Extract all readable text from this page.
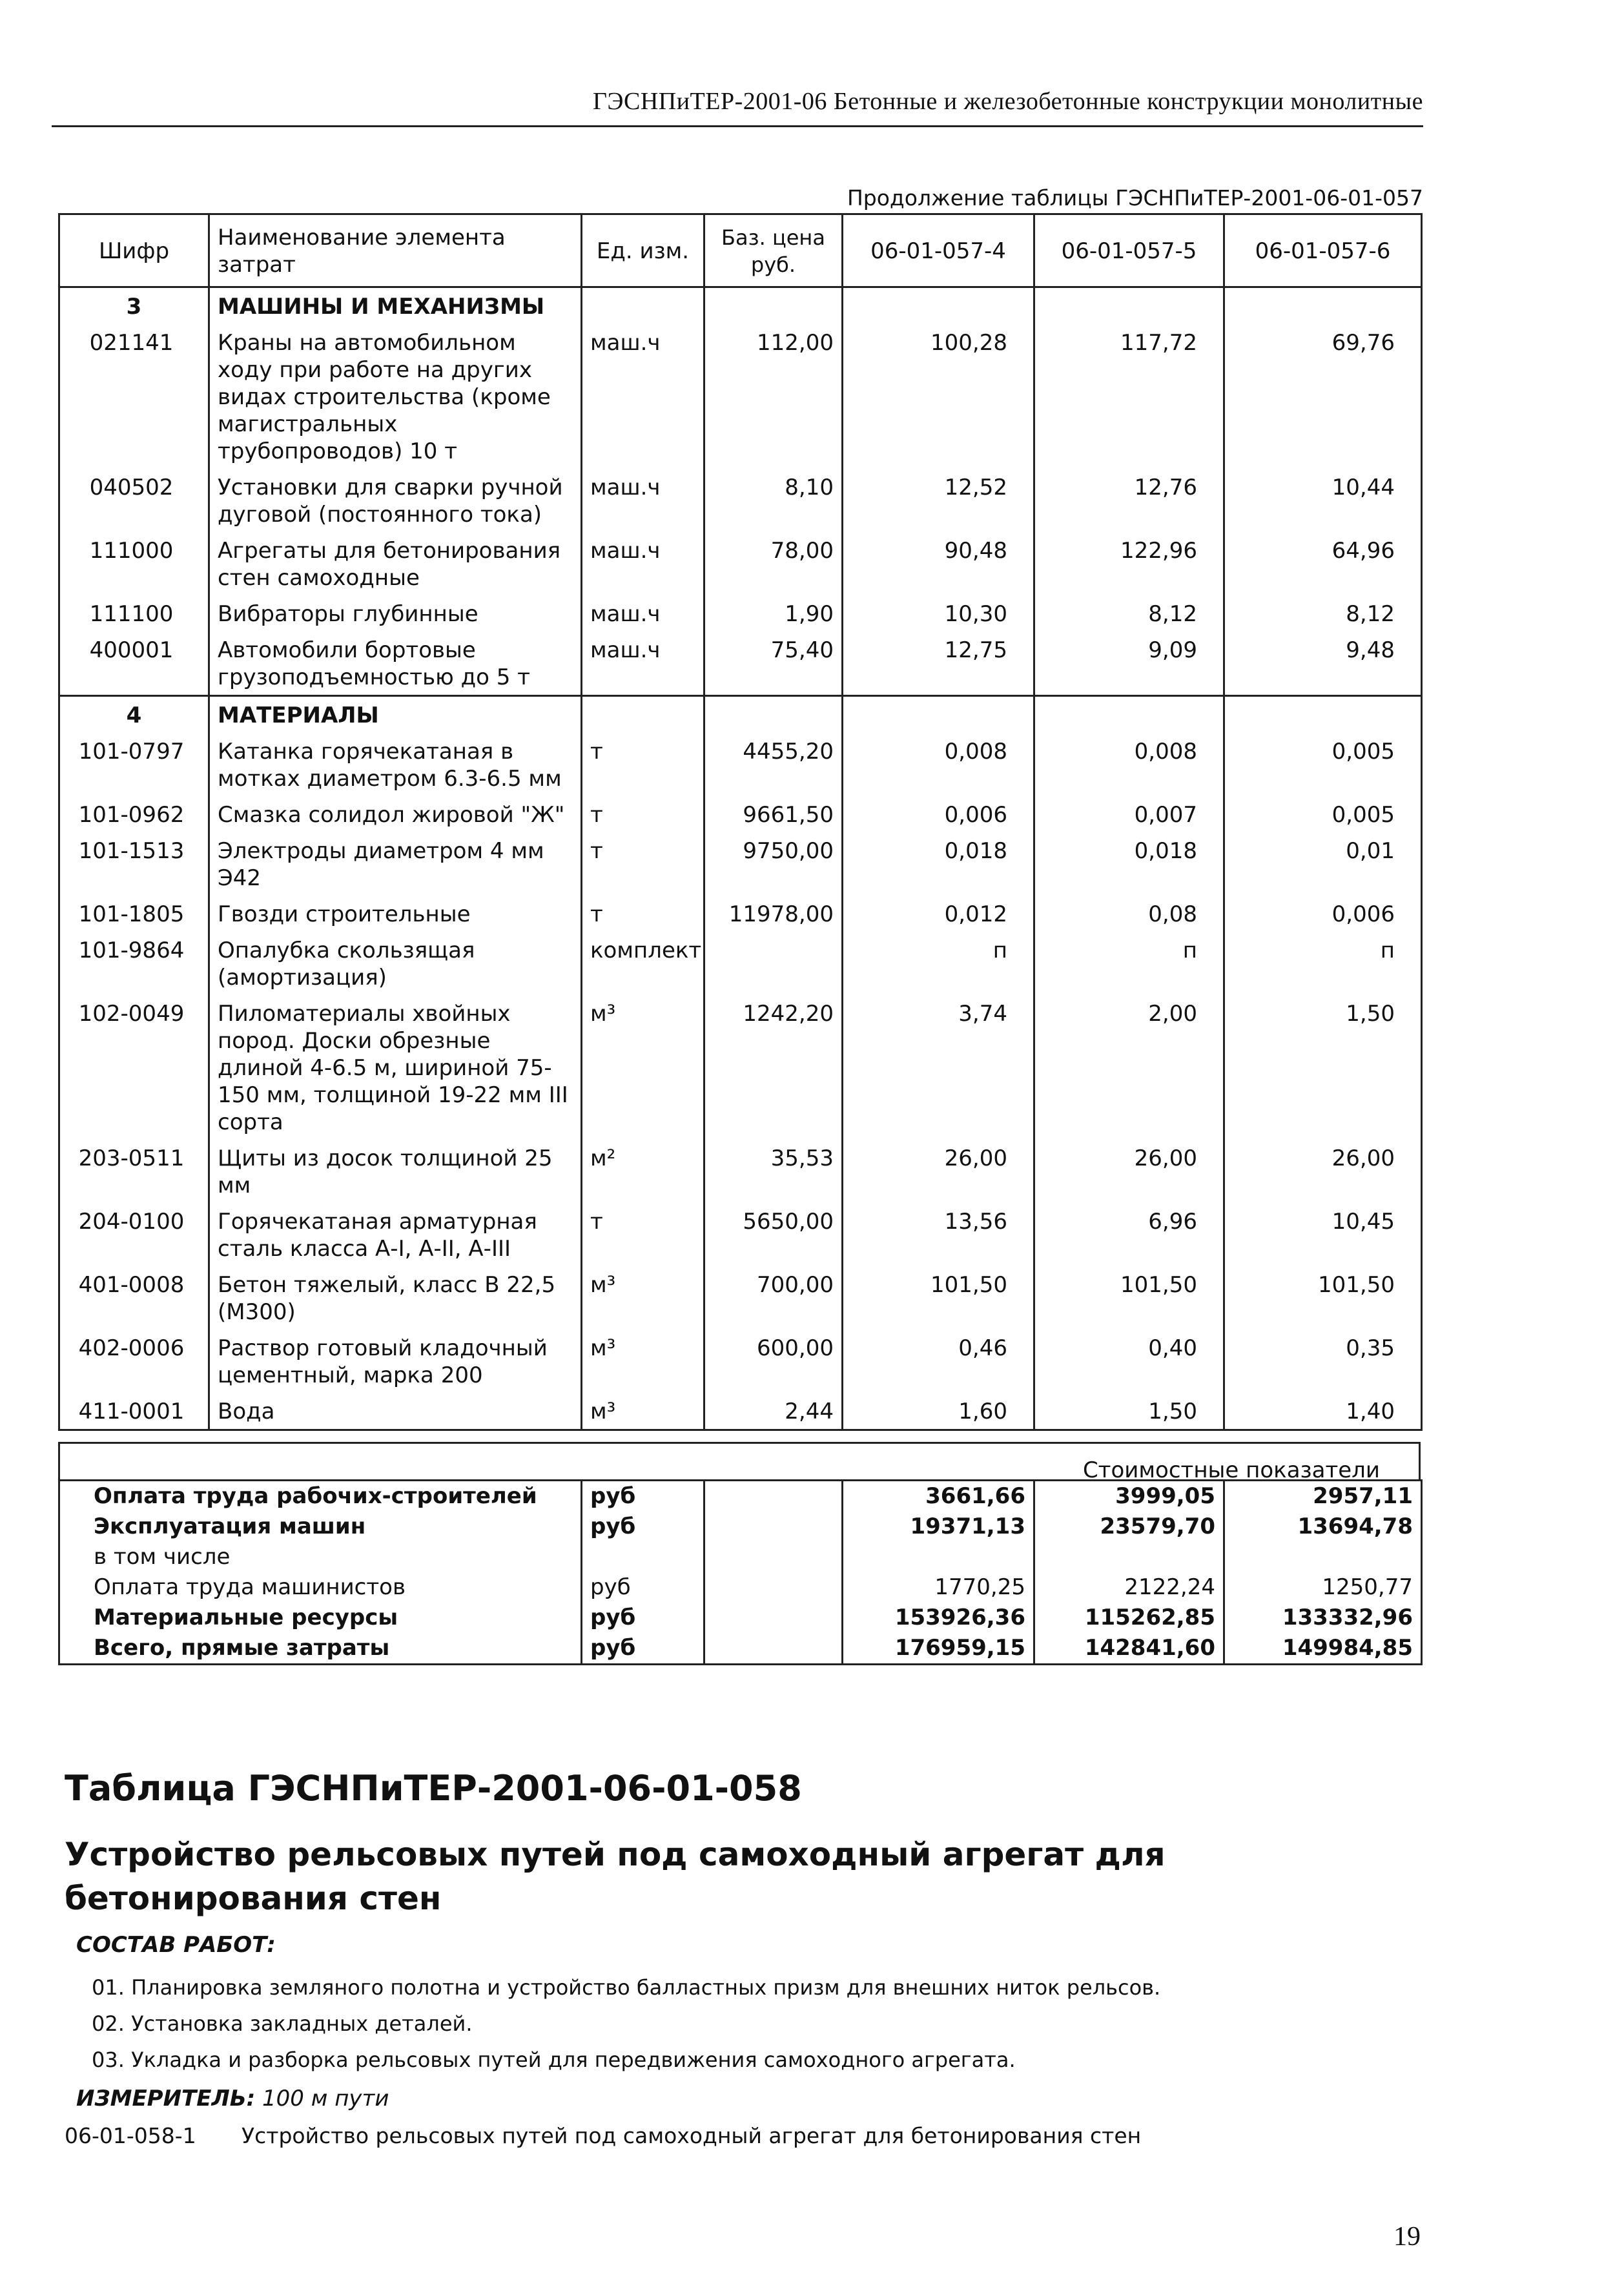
ГЭСНПиТЕР-2001-06 Бетонные и железобетонные конструкции монолитные
Продолжение таблицы ГЭСНПиТЕР-2001-06-01-057
Шифр	Наименование элемента затрат	Ед. изм.	Баз. цена руб.	06-01-057-4	06-01-057-5	06-01-057-6
3	МАШИНЫ И МЕХАНИЗМЫ					
021141	Краны на автомобильном ходу при работе на других видах строительства (кроме магистральных трубопроводов) 10 т	маш.ч	112,00	100,28	117,72	69,76
040502	Установки для сварки ручной дуговой (постоянного тока)	маш.ч	8,10	12,52	12,76	10,44
111000	Агрегаты для бетонирования стен самоходные	маш.ч	78,00	90,48	122,96	64,96
111100	Вибраторы глубинные	маш.ч	1,90	10,30	8,12	8,12
400001	Автомобили бортовые грузоподъемностью до 5 т	маш.ч	75,40	12,75	9,09	9,48
4	МАТЕРИАЛЫ					
101-0797	Катанка горячекатаная в мотках диаметром 6.3-6.5 мм	т	4455,20	0,008	0,008	0,005
101-0962	Смазка солидол жировой "Ж"	т	9661,50	0,006	0,007	0,005
101-1513	Электроды диаметром 4 мм Э42	т	9750,00	0,018	0,018	0,01
101-1805	Гвозди строительные	т	11978,00	0,012	0,08	0,006
101-9864	Опалубка скользящая (амортизация)	комплект		п	п	п
102-0049	Пиломатериалы хвойных пород. Доски обрезные длиной 4-6.5 м, шириной 75-150 мм, толщиной 19-22 мм III сорта	м³	1242,20	3,74	2,00	1,50
203-0511	Щиты из досок толщиной 25 мм	м²	35,53	26,00	26,00	26,00
204-0100	Горячекатаная арматурная сталь класса А-I, А-II, А-III	т	5650,00	13,56	6,96	10,45
401-0008	Бетон тяжелый, класс В 22,5 (М300)	м³	700,00	101,50	101,50	101,50
402-0006	Раствор готовый кладочный цементный, марка 200	м³	600,00	0,46	0,40	0,35
411-0001	Вода	м³	2,44	1,60	1,50	1,40
Стоимостные показатели
Оплата труда рабочих-строителей	руб		3661,66	3999,05	2957,11
Эксплуатация машин	руб		19371,13	23579,70	13694,78
в том числе					
Оплата труда машинистов	руб		1770,25	2122,24	1250,77
Материальные ресурсы	руб		153926,36	115262,85	133332,96
Всего, прямые затраты	руб		176959,15	142841,60	149984,85
Таблица ГЭСНПиТЕР-2001-06-01-058
Устройство рельсовых путей под самоходный агрегат для бетонирования стен
СОСТАВ РАБОТ:
01. Планировка земляного полотна и устройство балластных призм для внешних ниток рельсов.
02. Установка закладных деталей.
03. Укладка и разборка рельсовых путей для передвижения самоходного агрегата.
ИЗМЕРИТЕЛЬ: 100 м пути
06-01-058-1 Устройство рельсовых путей под самоходный агрегат для бетонирования стен
19
